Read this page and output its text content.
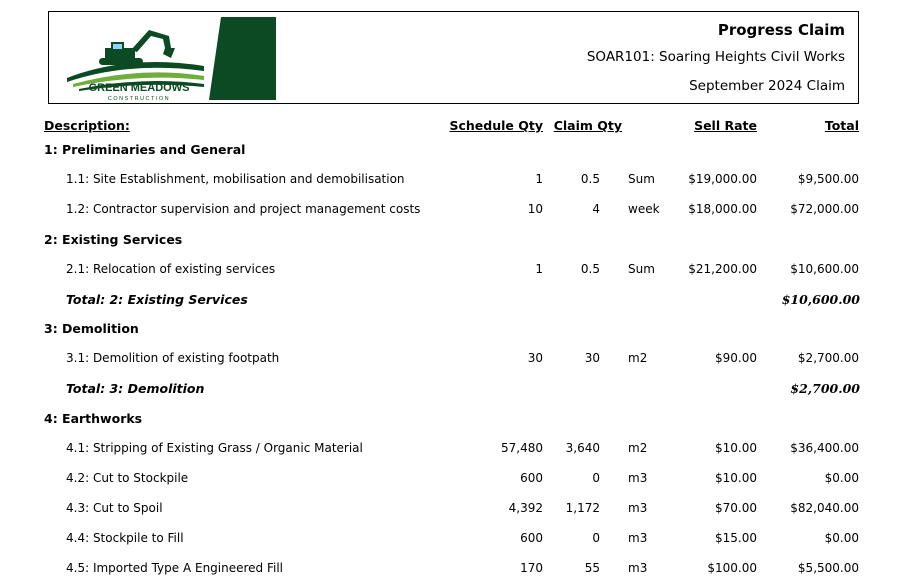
GREEN MEADOWS
CONSTRUCTION
Progress Claim
SOAR101: Soaring Heights Civil Works
September 2024 Claim
Description:	Schedule Qty Claim Qty	Sell Rate	Total
1: Preliminaries and General
1.1: Site Establishment, mobilisation and demobilisation	1	0.5 Sum	$19,000.00	$9,500.00
1.2: Contractor supervision and project management costs	10	4 week $18,000.00	$72,000.00
2: Existing Services
2.1: Relocation of existing services	1	0.5 Sum	$21,200.00	$10,600.00
Total: 2: Existing Services	$10,600.00
3: Demolition
3.1: Demolition of existing footpath	30	30 m2	$90.00	$2,700.00
Total: 3: Demolition	$2,700.00
4: Earthworks
4.1: Stripping of Existing Grass / Organic Material	57,480 3,640 m2	$10.00	$36,400.00
4.2: Cut to Stockpile	600	0 m3	$10.00	$0.00
4.3: Cut to Spoil	4,392 1,172 m3	$70.00	$82,040.00
4.4: Stockpile to Fill	600	0 m3	$15.00	$0.00
4.5: Imported Type A Engineered Fill	170	55 m3	$100.00	$5,500.00
